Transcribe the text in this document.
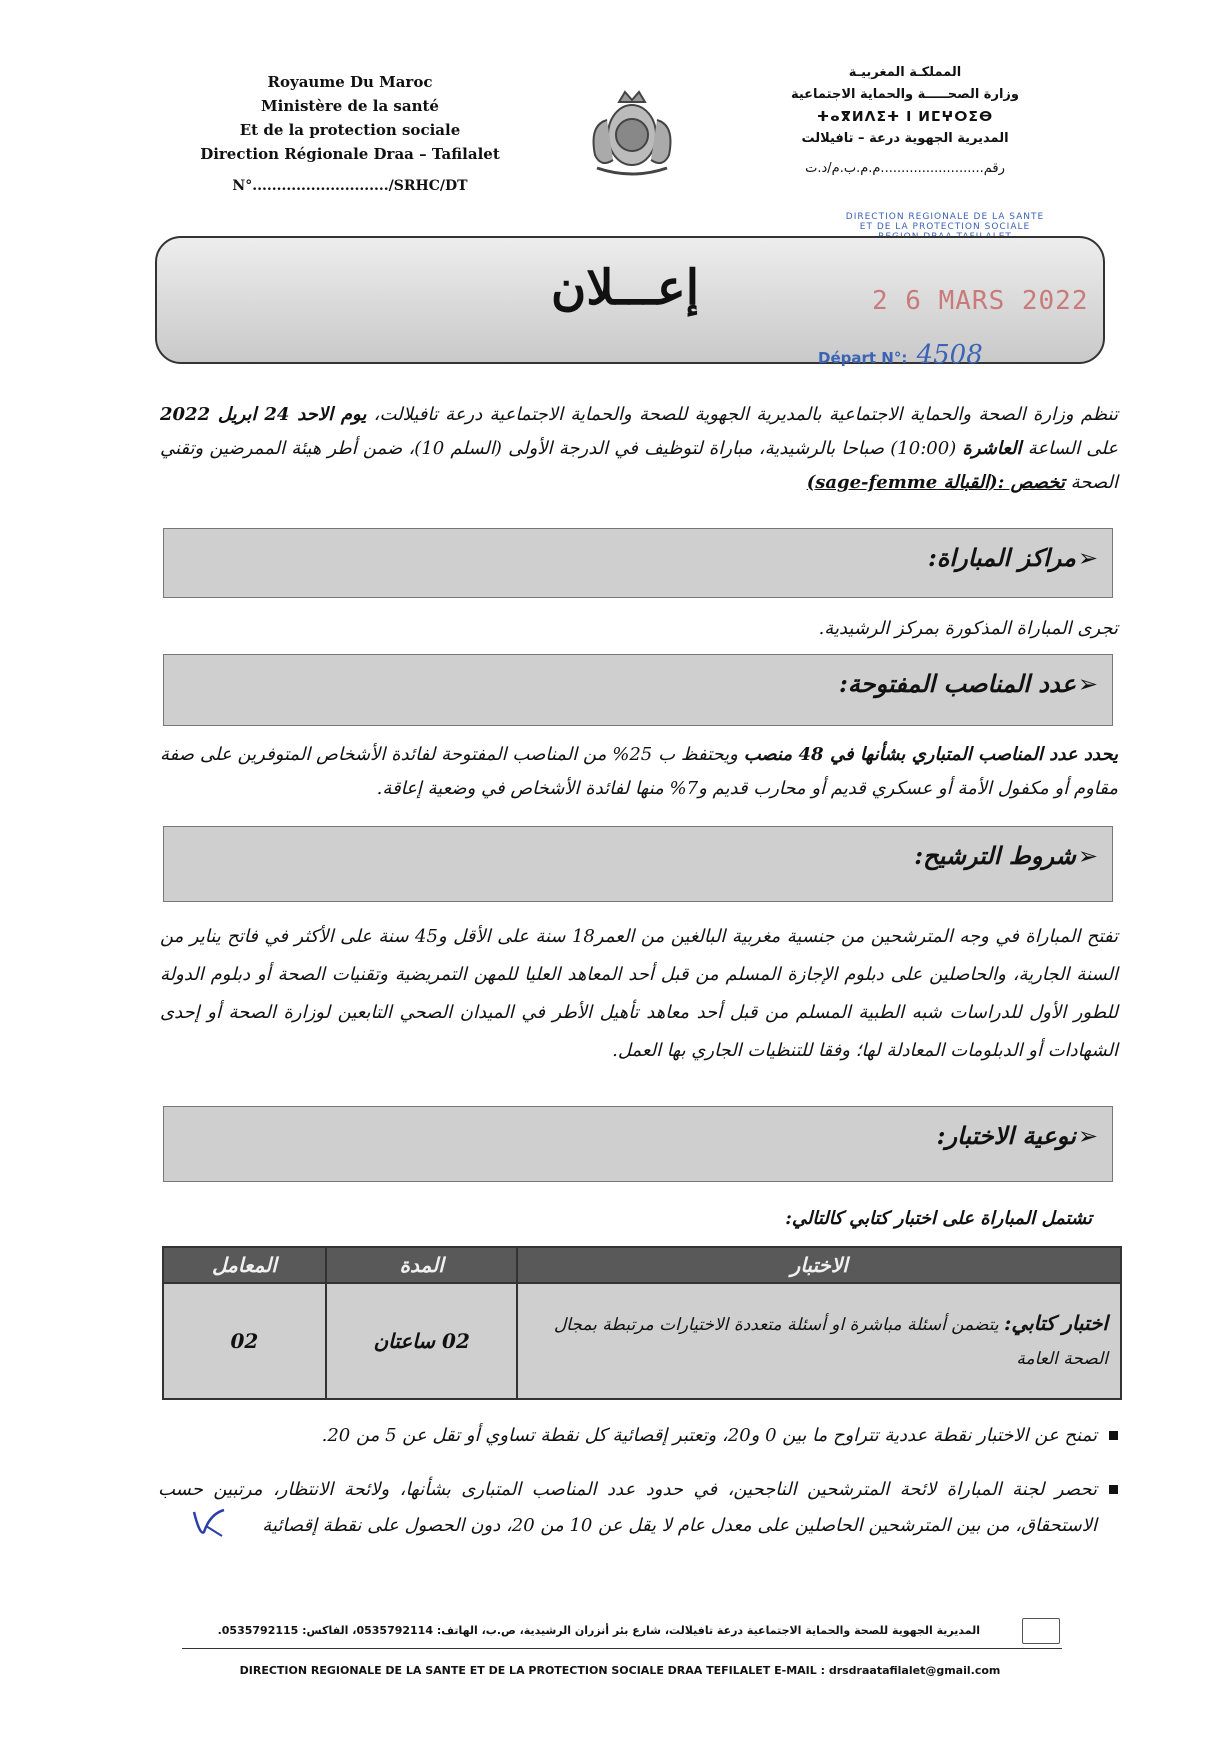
Royaume Du Maroc
Ministère de la santé
Et de la protection sociale
Direction Régionale Draa – Tafilalet
N°............................/SRHC/DT
المملكـة المغربيـة
وزارة الصحـــــة والحماية الاجتماعية
ⵜⴰⴳⵍⴷⵉⵜ ⵏ ⵍⵎⵖⵔⵉⴱ
المديرية الجهوية درعة – تافيلالت
رقم.........................م.م.ب.م/د.ت
DIRECTION REGIONALE DE LA SANTE
ET DE LA PROTECTION SOCIALE
إعـــلان	2 6 MARS 2022
Départ N°: 4508
تنظم وزارة الصحة والحماية الاجتماعية بالمديرية الجهوية للصحة والحماية الاجتماعية درعة تافيلالت، يوم الاحد 24 ابريل 2022 على الساعة العاشرة (10:00) صباحا بالرشيدية، مباراة لتوظيف في الدرجة الأولى (السلم 10)، ضمن أطر هيئة الممرضين وتقني الصحة تخصص :(القبالة sage-femme)
➢مراكز المباراة:
تجرى المباراة المذكورة بمركز الرشيدية.
➢عدد المناصب المفتوحة:
يحدد عدد المناصب المتباري بشأنها في 48 منصب ويحتفظ ب 25% من المناصب المفتوحة لفائدة الأشخاص المتوفرين على صفة مقاوم أو مكفول الأمة أو عسكري قديم أو محارب قديم و7% منها لفائدة الأشخاص في وضعية إعاقة.
➢شروط الترشيح:
تفتح المباراة في وجه المترشحين من جنسية مغربية البالغين من العمر18 سنة على الأقل و45 سنة على الأكثر في فاتح يناير من السنة الجارية، والحاصلين على دبلوم الإجازة المسلم من قبل أحد المعاهد العليا للمهن التمريضية وتقنيات الصحة أو دبلوم الدولة للطور الأول للدراسات شبه الطبية المسلم من قبل أحد معاهد تأهيل الأطر في الميدان الصحي التابعين لوزارة الصحة أو إحدى الشهادات أو الدبلومات المعادلة لها؛ وفقا للتنظيات الجاري بها العمل.
➢نوعية الاختبار:
تشتمل المباراة على اختبار كتابي كالتالي:
الاختبار	المدة	المعامل
اختبار كتابي: يتضمن أسئلة مباشرة او أسئلة متعددة الاختيارات مرتبطة بمجال الصحة العامة	02 ساعتان	02
تمنح عن الاختبار نقطة عددية تتراوح ما بين 0 و20، وتعتبر إقصائية كل نقطة تساوي أو تقل عن 5 من 20.
تحصر لجنة المباراة لائحة المترشحين الناجحين، في حدود عدد المناصب المتبارى بشأنها، ولائحة الانتظار، مرتبين حسب الاستحقاق، من بين المترشحين الحاصلين على معدل عام لا يقل عن 10 من 20، دون الحصول على نقطة إقصائية
المديرية الجهوية للصحة والحماية الاجتماعية درعة تافيلالت، شارع بئر أنزران الرشيدية، ص.ب، الهاتف: 0535792114، الفاكس: 0535792115.
DIRECTION REGIONALE DE LA SANTE ET DE LA PROTECTION SOCIALE DRAA TEFILALET E-MAIL : drsdraatafilalet@gmail.com
